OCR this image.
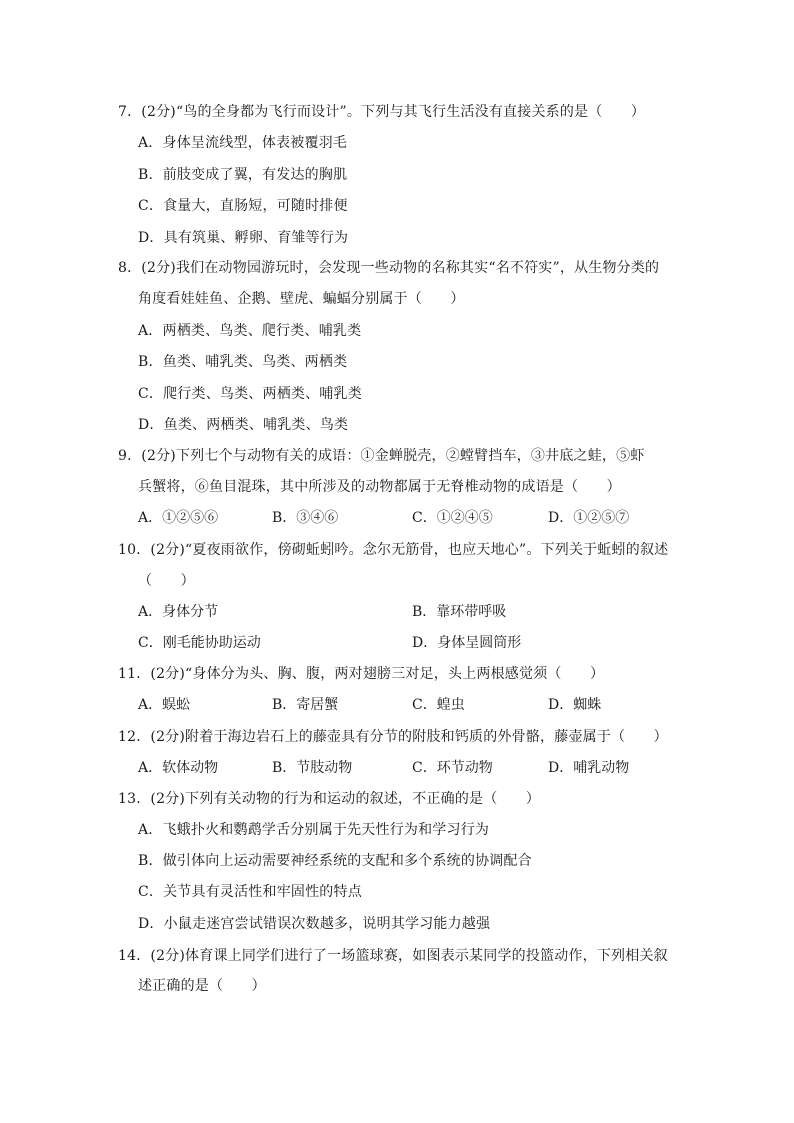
7．(2分)“鸟的全身都为飞行而设计”。下列与其飞行生活没有直接关系的是（　　）
A．身体呈流线型，体表被覆羽毛
B．前肢变成了翼，有发达的胸肌
C．食量大，直肠短，可随时排便
D．具有筑巢、孵卵、育雏等行为
8．(2分)我们在动物园游玩时，会发现一些动物的名称其实“名不符实”，从生物分类的
角度看娃娃鱼、企鹅、壁虎、蝙蝠分别属于（　　）
A．两栖类、鸟类、爬行类、哺乳类
B．鱼类、哺乳类、鸟类、两栖类
C．爬行类、鸟类、两栖类、哺乳类
D．鱼类、两栖类、哺乳类、鸟类
9．(2分)下列七个与动物有关的成语：①金蝉脱壳，②螳臂挡车，③井底之蛙，⑤虾
兵蟹将，⑥鱼目混珠，其中所涉及的动物都属于无脊椎动物的成语是（　　）
A．①②⑤⑥	B．③④⑥	C．①②④⑤	D．①②⑤⑦
10．(2分)“夏夜雨欲作，傍砌蚯蚓吟。念尔无筋骨，也应天地心”。下列关于蚯蚓的叙述
（　　）
A．身体分节	B．靠环带呼吸
C．刚毛能协助运动	D．身体呈圆筒形
11．(2分)“身体分为头、胸、腹，两对翅膀三对足，头上两根感觉须（　　）
A．蜈蚣	B．寄居蟹	C．蝗虫	D．蜘蛛
12．(2分)附着于海边岩石上的藤壶具有分节的附肢和钙质的外骨骼，藤壶属于（　　）
A．软体动物	B．节肢动物	C．环节动物	D．哺乳动物
13．(2分)下列有关动物的行为和运动的叙述，不正确的是（　　）
A．飞蛾扑火和鹦鹉学舌分别属于先天性行为和学习行为
B．做引体向上运动需要神经系统的支配和多个系统的协调配合
C．关节具有灵活性和牢固性的特点
D．小鼠走迷宫尝试错误次数越多，说明其学习能力越强
14．(2分)体育课上同学们进行了一场篮球赛，如图表示某同学的投篮动作，下列相关叙
述正确的是（　　）
